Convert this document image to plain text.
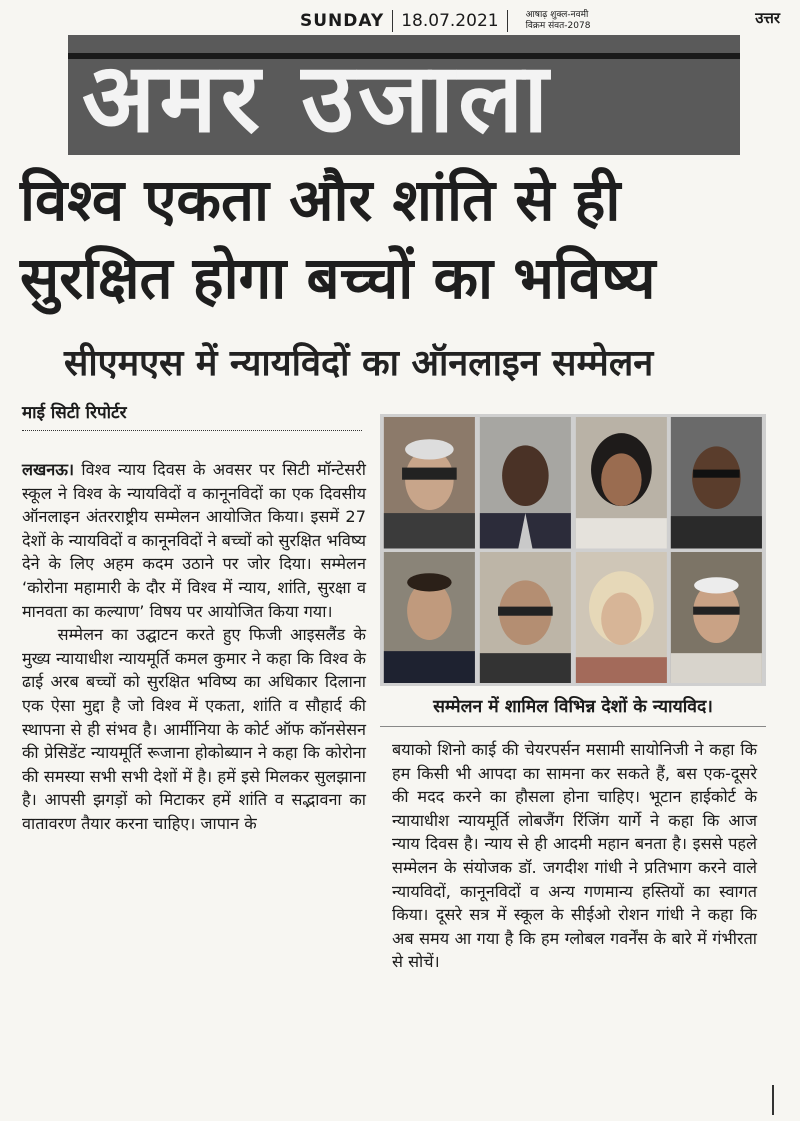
SUNDAY 18.07.2021	आषाढ़ शुक्ल-नवमी
विक्रम संवत-2078	उत्तर
अमर उजाला
विश्व एकता और शांति से ही
सुरक्षित होगा बच्चों का भविष्य
सीएमएस में न्यायविदों का ऑनलाइन सम्मेलन
माई सिटी रिपोर्टर

लखनऊ। विश्व न्याय दिवस के अवसर पर सिटी मॉन्टेसरी स्कूल ने विश्व के न्यायविदों व कानूनविदों का एक दिवसीय ऑनलाइन अंतरराष्ट्रीय सम्मेलन आयोजित किया। इसमें 27 देशों के न्यायविदों व कानूनविदों ने बच्चों को सुरक्षित भविष्य देने के लिए अहम कदम उठाने पर जोर दिया। सम्मेलन ‘कोरोना महामारी के दौर में विश्व में न्याय, शांति, सुरक्षा व मानवता का कल्याण’ विषय पर आयोजित किया गया।

सम्मेलन का उद्घाटन करते हुए फिजी आइसलैंड के मुख्य न्यायाधीश न्यायमूर्ति कमल कुमार ने कहा कि विश्व के ढाई अरब बच्चों को सुरक्षित भविष्य का अधिकार दिलाना एक ऐसा मुद्दा है जो विश्व में एकता, शांति व सौहार्द की स्थापना से ही संभव है। आर्मीनिया के कोर्ट ऑफ कॉनसेसन की प्रेसिडेंट न्यायमूर्ति रूजाना होकोब्यान ने कहा कि कोरोना की समस्या सभी सभी देशों में है। हमें इसे मिलकर सुलझाना है। आपसी झगड़ों को मिटाकर हमें शांति व सद्भावना का वातावरण तैयार करना चाहिए। जापान के

सम्मेलन में शामिल विभिन्न देशों के न्यायविद।

बयाको शिनो काई की चेयरपर्सन मसामी सायोनिजी ने कहा कि हम किसी भी आपदा का सामना कर सकते हैं, बस एक-दूसरे की मदद करने का हौसला होना चाहिए। भूटान हाईकोर्ट के न्यायाधीश न्यायमूर्ति लोबजैंग रिंजिंग यार्गे ने कहा कि आज न्याय दिवस है। न्याय से ही आदमी महान बनता है। इससे पहले सम्मेलन के संयोजक डॉ. जगदीश गांधी ने प्रतिभाग करने वाले न्यायविदों, कानूनविदों व अन्य गणमान्य हस्तियों का स्वागत किया। दूसरे सत्र में स्कूल के सीईओ रोशन गांधी ने कहा कि अब समय आ गया है कि हम ग्लोबल गवर्नेंस के बारे में गंभीरता से सोचें।
